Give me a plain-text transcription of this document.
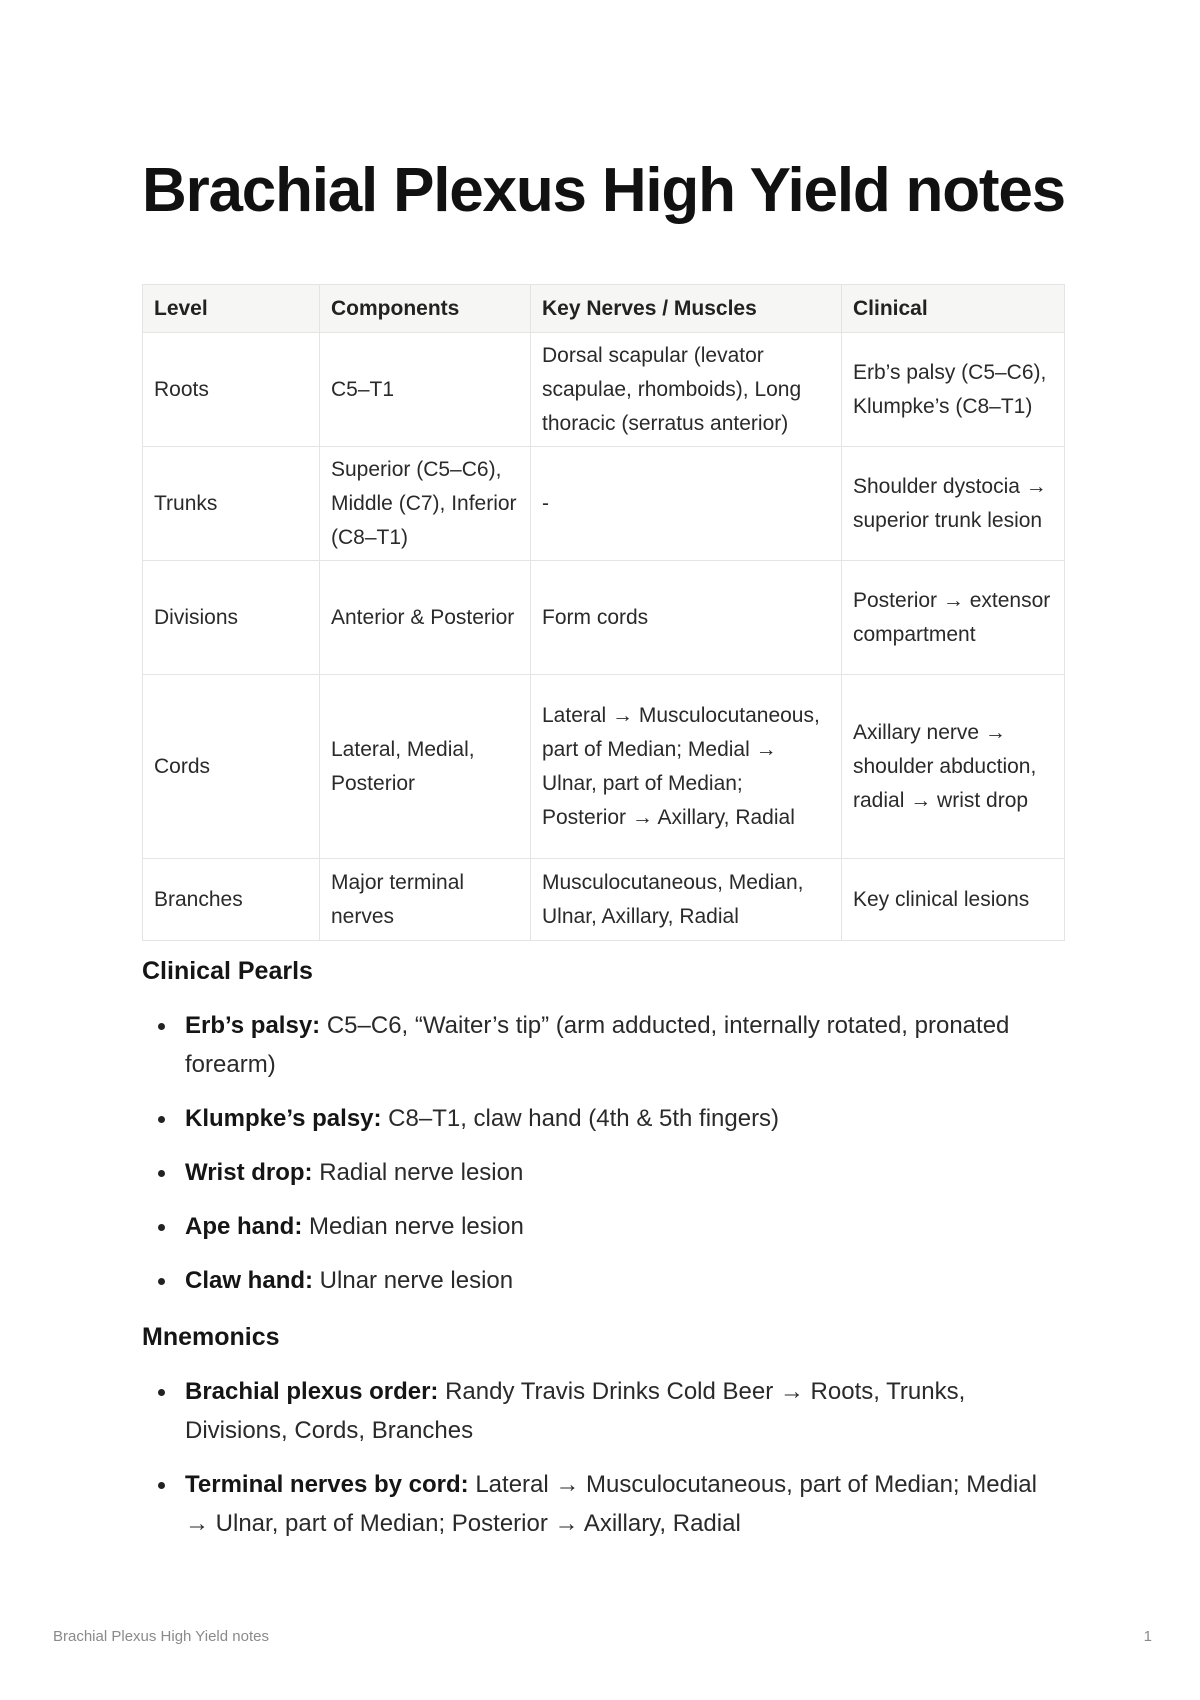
Brachial Plexus High Yield notes
Level	Components	Key Nerves / Muscles	Clinical
Roots	C5–T1	Dorsal scapular (levator scapulae, rhomboids), Long thoracic (serratus anterior)	Erb’s palsy (C5–C6), Klumpke’s (C8–T1)
Trunks	Superior (C5–C6), Middle (C7), Inferior (C8–T1)	-	Shoulder dystocia → superior trunk lesion
Divisions	Anterior & Posterior	Form cords	Posterior → extensor compartment
Cords	Lateral, Medial, Posterior	Lateral → Musculocutaneous, part of Median; Medial → Ulnar, part of Median; Posterior → Axillary, Radial	Axillary nerve → shoulder abduction, radial → wrist drop
Branches	Major terminal nerves	Musculocutaneous, Median, Ulnar, Axillary, Radial	Key clinical lesions
Clinical Pearls
Erb’s palsy: C5–C6, “Waiter’s tip” (arm adducted, internally rotated, pronated forearm)
Klumpke’s palsy: C8–T1, claw hand (4th & 5th fingers)
Wrist drop: Radial nerve lesion
Ape hand: Median nerve lesion
Claw hand: Ulnar nerve lesion
Mnemonics
Brachial plexus order: Randy Travis Drinks Cold Beer → Roots, Trunks, Divisions, Cords, Branches
Terminal nerves by cord: Lateral → Musculocutaneous, part of Median; Medial → Ulnar, part of Median; Posterior → Axillary, Radial
Brachial Plexus High Yield notes	1
